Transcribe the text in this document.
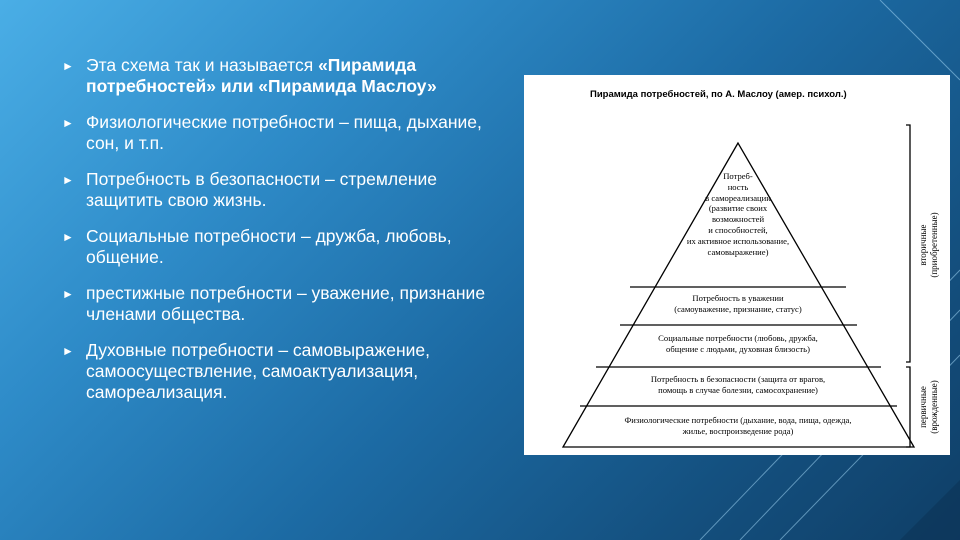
► Эта схема так и называется «Пирамида потребностей» или «Пирамида Маслоу»
► Физиологические потребности – пища, дыхание, сон, и т.п.
► Потребность в безопасности – стремление защитить свою жизнь.
► Социальные потребности – дружба, любовь, общение.
► престижные потребности – уважение, признание членами общества.
► Духовные потребности – самовыражение, самоосуществление, самоактуализация, самореализация.
Пирамида потребностей, по А. Маслоу (амер. психол.)
Потреб-
ность
в самореализации
(развитие своих
возможностей
и способностей,
их активное использование,
самовыражение)
Потребность в уважении
(самоуважение, признание, статус)
Социальные потребности (любовь, дружба,
общение с людьми, духовная близость)
Потребность в безопасности (защита от врагов,
помощь в случае болезни, самосохранение)
Физиологические потребности (дыхание, вода, пища, одежда,
жилье, воспроизведение рода)
вторичные
(приобретенные)
первичные
(врожденные)
